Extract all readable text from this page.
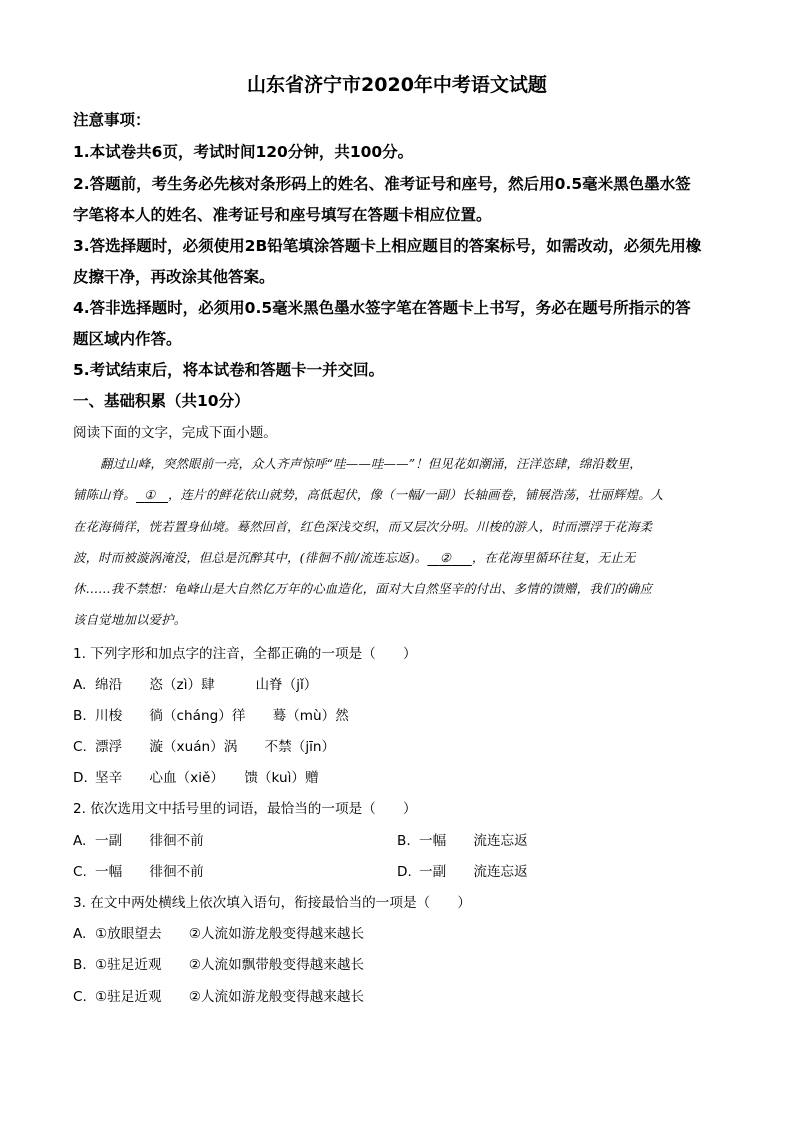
山东省济宁市2020年中考语文试题
注意事项：
1.本试卷共6页，考试时间120分钟，共100分。
2.答题前，考生务必先核对条形码上的姓名、准考证号和座号，然后用0.5毫米黑色墨水签
字笔将本人的姓名、准考证号和座号填写在答题卡相应位置。
3.答选择题时，必须使用2B铅笔填涂答题卡上相应题目的答案标号，如需改动，必须先用橡
皮擦干净，再改涂其他答案。
4.答非选择题时，必须用0.5毫米黑色墨水签字笔在答题卡上书写，务必在题号所指示的答
题区域内作答。
5.考试结束后，将本试卷和答题卡一并交回。
一、基础积累（共10分）
阅读下面的文字，完成下面小题。
翻过山峰，突然眼前一亮，众人齐声惊呼“哇——哇——”！但见花如潮涌，汪洋恣肆，绵沿数里，
铺陈山脊。 ① ，连片的鲜花依山就势，高低起伏，像（一幅/一副）长轴画卷，铺展浩荡，壮丽辉煌。人
在花海徜徉，恍若置身仙境。蓦然回首，红色深浅交织，而又层次分明。川梭的游人，时而漂浮于花海柔
波，时而被漩涡淹没，但总是沉醉其中，(徘徊不前/流连忘返)。 ② ，在花海里循环往复，无止无
休……我不禁想：龟峰山是大自然亿万年的心血造化，面对大自然坚辛的付出、多情的馈赠，我们的确应
该自觉地加以爱护。
1. 下列字形和加点字的注音，全都正确的一项是（　　）
A. 绵沿　　恣（zì）肆　　　山脊（jǐ）
B. 川梭　　徜（cháng）徉　　蓦（mù）然
C. 漂浮　　漩（xuán）涡　　不禁（jīn）
D. 坚辛　　心血（xiě）　　馈（kuì）赠
2. 依次选用文中括号里的词语，最恰当的一项是（　　）
A. 一副　　徘徊不前	B. 一幅　　流连忘返
C. 一幅　　徘徊不前	D. 一副　　流连忘返
3. 在文中两处横线上依次填入语句，衔接最恰当的一项是（　　）
A. ①放眼望去　　②人流如游龙般变得越来越长
B. ①驻足近观　　②人流如飘带般变得越来越长
C. ①驻足近观　　②人流如游龙般变得越来越长
